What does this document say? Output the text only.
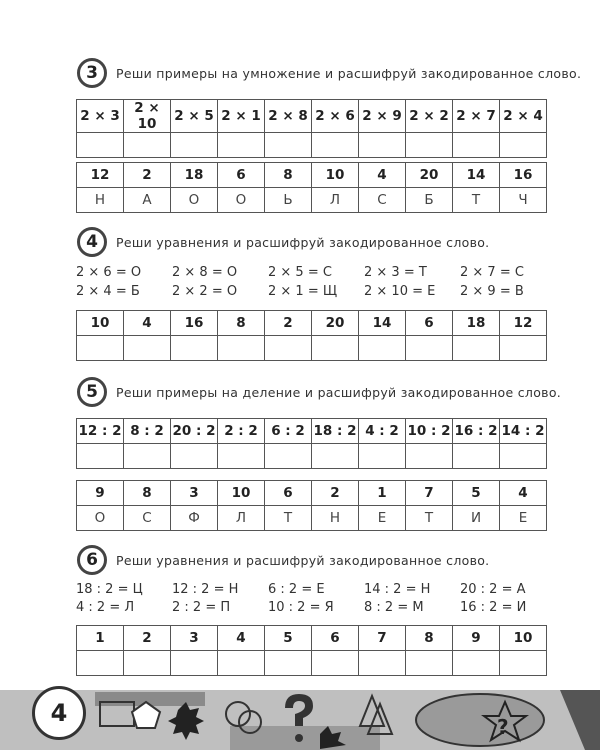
3	Реши примеры на умножение и расшифруй закодированное слово.
2 × 3	2 × 10	2 × 5	2 × 1	2 × 8	2 × 6	2 × 9	2 × 2	2 × 7	2 × 4

12	2	18	6	8	10	4	20	14	16
Н	А	О	О	Ь	Л	С	Б	Т	Ч
4	Реши уравнения и расшифруй закодированное слово.
2 × 6 = О	2 × 8 = О	2 × 5 = С	2 × 3 = Т	2 × 7 = С
2 × 4 = Б	2 × 2 = О	2 × 1 = Щ	2 × 10 = Е	2 × 9 = В
10	4	16	8	2	20	14	6	18	12

5	Реши примеры на деление и расшифруй закодированное слово.
12 : 2	8 : 2	20 : 2	2 : 2	6 : 2	18 : 2	4 : 2	10 : 2	16 : 2	14 : 2

9	8	3	10	6	2	1	7	5	4
О	С	Ф	Л	Т	Н	Е	Т	И	Е
6	Реши уравнения и расшифруй закодированное слово.
18 : 2 = Ц	12 : 2 = Н	6 : 2 = Е	14 : 2 = Н	20 : 2 = А
4 : 2 = Л	2 : 2 = П	10 : 2 = Я	8 : 2 = М	16 : 2 = И
1	2	3	4	5	6	7	8	9	10

?
4
